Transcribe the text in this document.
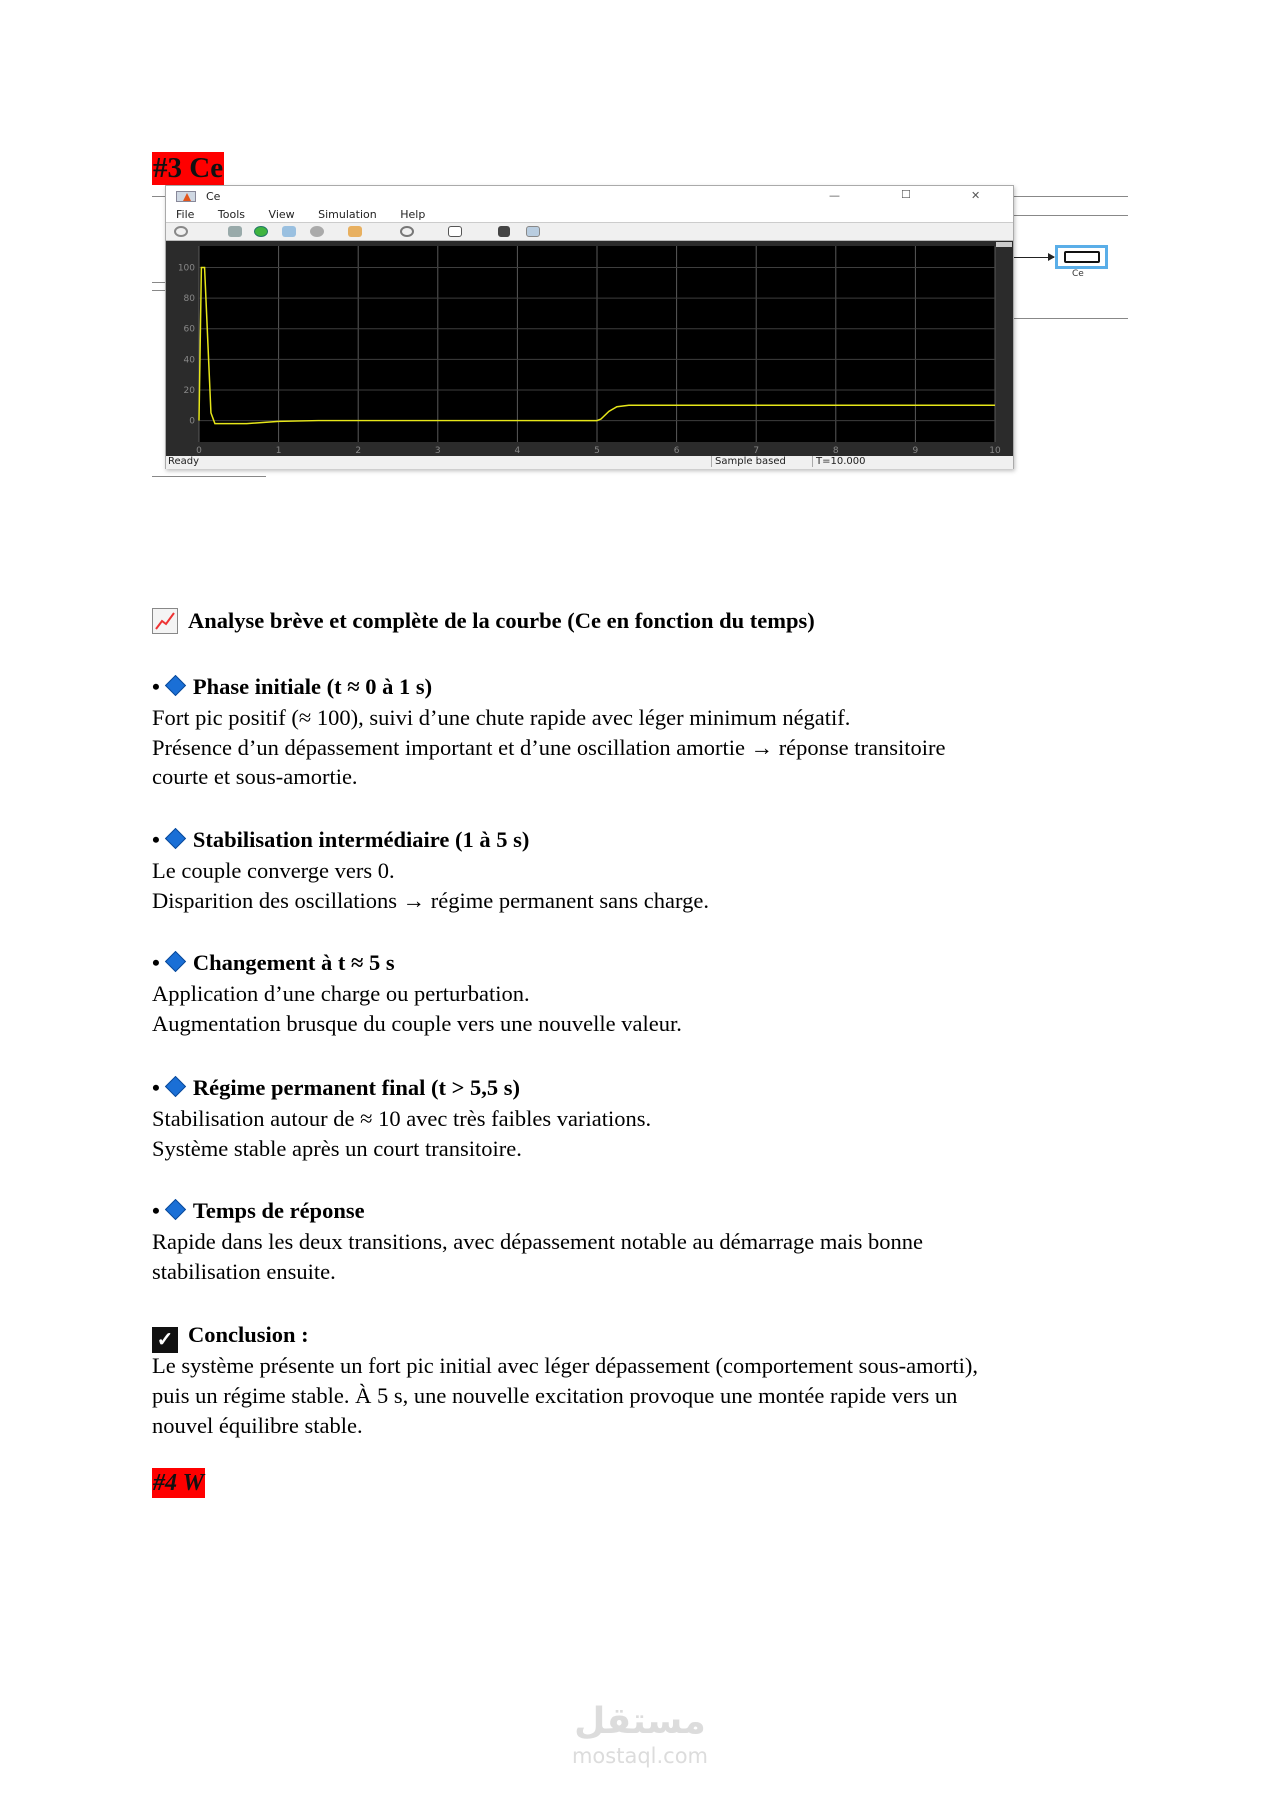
#3 Ce
Ce
Ce	—	☐	✕
File Tools View Simulation Help
0	1	2	3	4	5	6	7	8	9	10
0
20
40
60
80
100
Ready	Sample based	T=10.000
Analyse brève et complète de la courbe (Ce en fonction du temps)
• Phase initiale (t ≈ 0 à 1 s)
Fort pic positif (≈ 100), suivi d’une chute rapide avec léger minimum négatif.
Présence d’un dépassement important et d’une oscillation amortie → réponse transitoire
courte et sous-amortie.
• Stabilisation intermédiaire (1 à 5 s)
Le couple converge vers 0.
Disparition des oscillations → régime permanent sans charge.
• Changement à t ≈ 5 s
Application d’une charge ou perturbation.
Augmentation brusque du couple vers une nouvelle valeur.
• Régime permanent final (t > 5,5 s)
Stabilisation autour de ≈ 10 avec très faibles variations.
Système stable après un court transitoire.
• Temps de réponse
Rapide dans les deux transitions, avec dépassement notable au démarrage mais bonne
stabilisation ensuite.
✓ Conclusion :
Le système présente un fort pic initial avec léger dépassement (comportement sous-amorti),
puis un régime stable. À 5 s, une nouvelle excitation provoque une montée rapide vers un
nouvel équilibre stable.
#4 W
مستقل
mostaql.com
